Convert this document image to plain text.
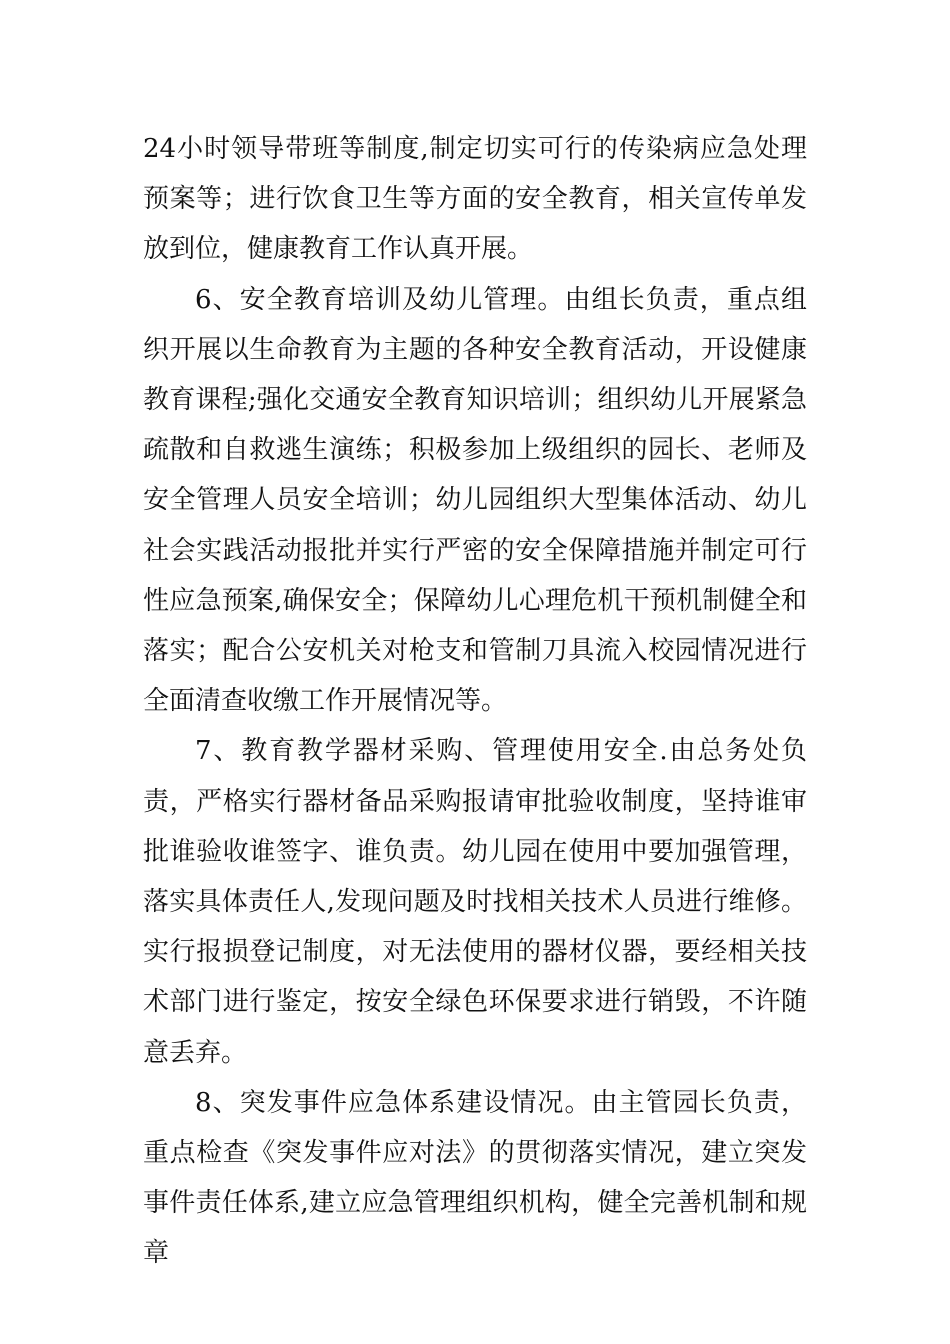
24小时领导带班等制度,制定切实可行的传染病应急处理预案等；进行饮食卫生等方面的安全教育，相关宣传单发放到位，健康教育工作认真开展。

6、安全教育培训及幼儿管理。由组长负责，重点组织开展以生命教育为主题的各种安全教育活动，开设健康教育课程;强化交通安全教育知识培训；组织幼儿开展紧急疏散和自救逃生演练；积极参加上级组织的园长、老师及安全管理人员安全培训；幼儿园组织大型集体活动、幼儿社会实践活动报批并实行严密的安全保障措施并制定可行性应急预案,确保安全；保障幼儿心理危机干预机制健全和落实；配合公安机关对枪支和管制刀具流入校园情况进行全面清查收缴工作开展情况等。

7、教育教学器材采购、管理使用安全.由总务处负责，严格实行器材备品采购报请审批验收制度，坚持谁审批谁验收谁签字、谁负责。幼儿园在使用中要加强管理，落实具体责任人,发现问题及时找相关技术人员进行维修。实行报损登记制度，对无法使用的器材仪器，要经相关技术部门进行鉴定，按安全绿色环保要求进行销毁，不许随意丢弃。

8、突发事件应急体系建设情况。由主管园长负责，重点检查《突发事件应对法》的贯彻落实情况，建立突发事件责任体系,建立应急管理组织机构，健全完善机制和规章
